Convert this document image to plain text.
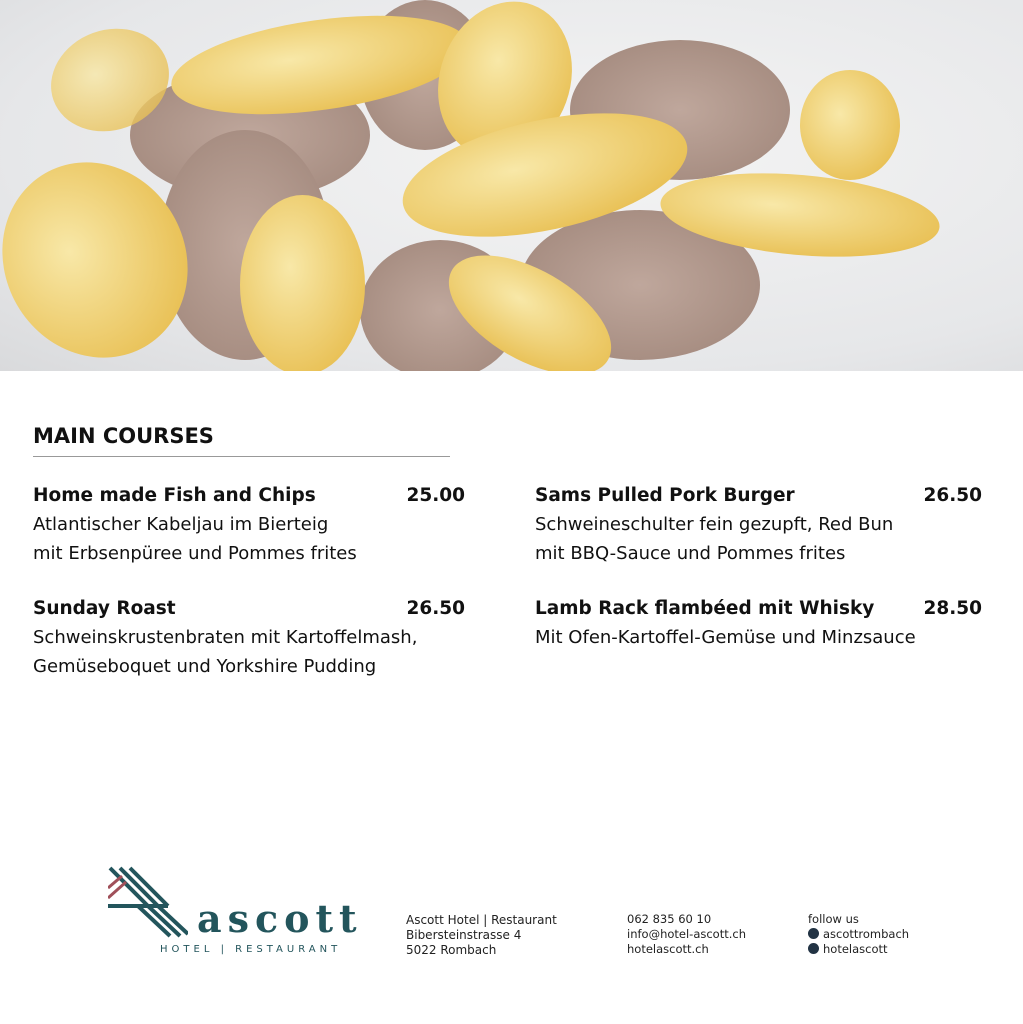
MAIN COURSES
Home made Fish and Chips	25.00
Atlantischer Kabeljau im Bierteig
mit Erbsenpüree und Pommes frites
Sams Pulled Pork Burger	26.50
Schweineschulter fein gezupft, Red Bun
mit BBQ-Sauce und Pommes frites
Sunday Roast	26.50
Schweinskrustenbraten mit Kartoffelmash,
Gemüseboquet und Yorkshire Pudding
Lamb Rack flambéed mit Whisky	28.50
Mit Ofen-Kartoffel-Gemüse und Minzsauce
ascott
HOTEL | RESTAURANT
Ascott Hotel | Restaurant
Bibersteinstrasse 4
5022 Rombach
062 835 60 10
info@hotel-ascott.ch
hotelascott.ch
follow us
ascottrombach
hotelascott
